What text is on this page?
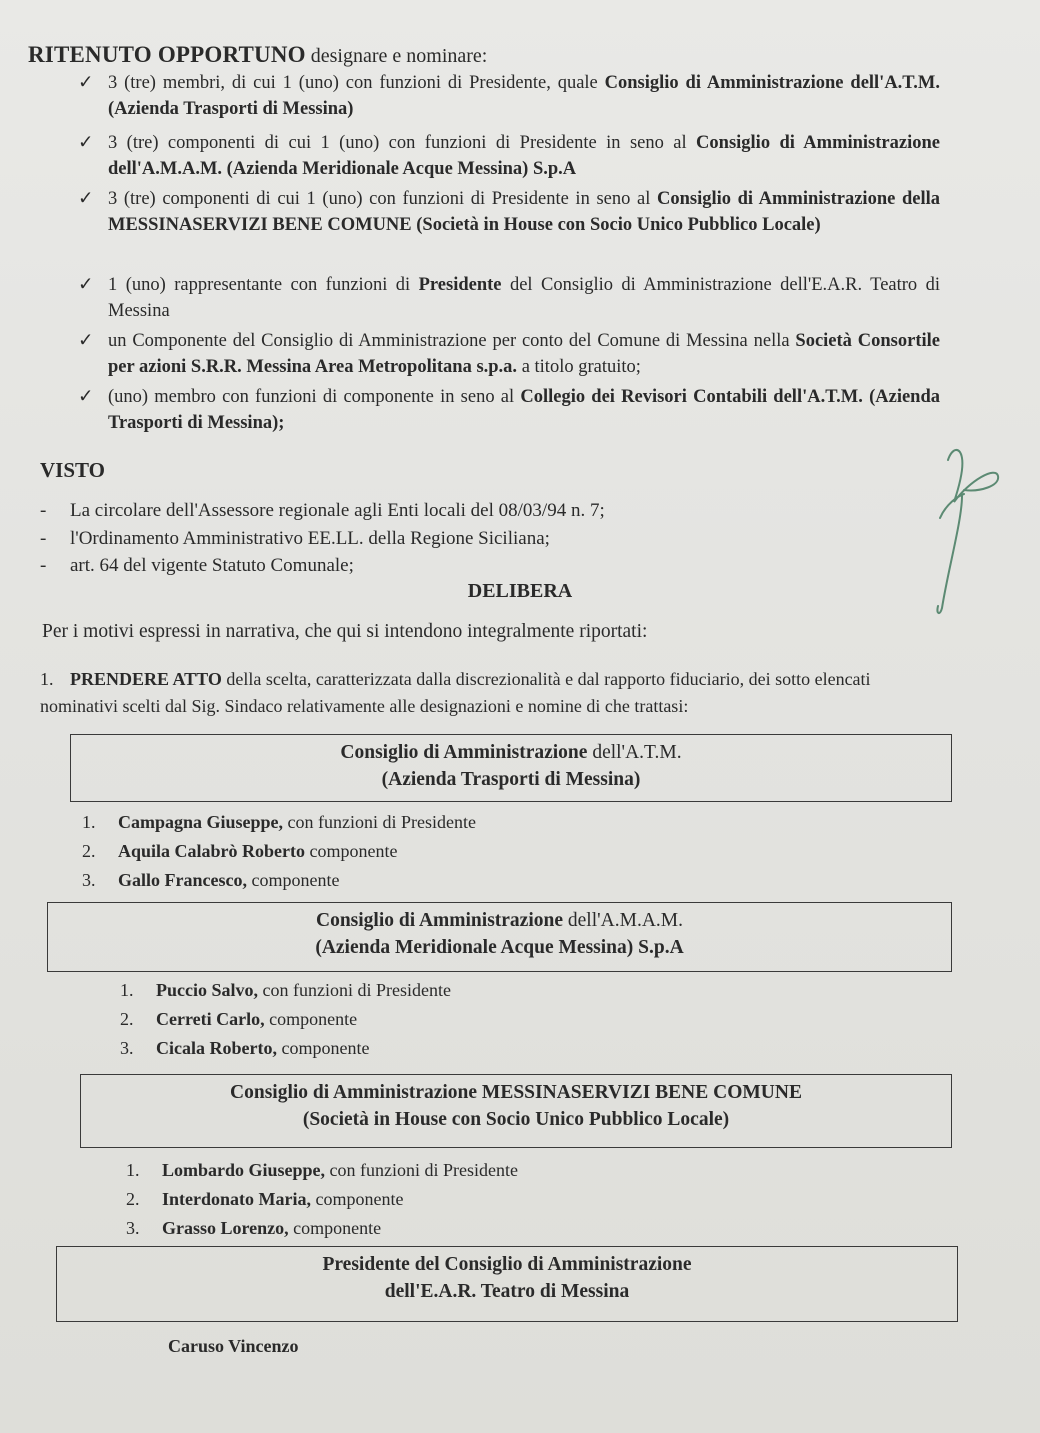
RITENUTO OPPORTUNO designare e nominare:
✓ 3 (tre) membri, di cui 1 (uno) con funzioni di Presidente, quale Consiglio di Amministrazione dell'A.T.M. (Azienda Trasporti di Messina)
✓ 3 (tre) componenti di cui 1 (uno) con funzioni di Presidente in seno al Consiglio di Amministrazione dell'A.M.A.M. (Azienda Meridionale Acque Messina) S.p.A
✓ 3 (tre) componenti di cui 1 (uno) con funzioni di Presidente in seno al Consiglio di Amministrazione della MESSINASERVIZI BENE COMUNE (Società in House con Socio Unico Pubblico Locale)
✓ 1 (uno) rappresentante con funzioni di Presidente del Consiglio di Amministrazione dell'E.A.R. Teatro di Messina
✓ un Componente del Consiglio di Amministrazione per conto del Comune di Messina nella Società Consortile per azioni S.R.R. Messina Area Metropolitana s.p.a. a titolo gratuito;
✓ (uno) membro con funzioni di componente in seno al Collegio dei Revisori Contabili dell'A.T.M. (Azienda Trasporti di Messina);
VISTO
- La circolare dell'Assessore regionale agli Enti locali del 08/03/94 n. 7;
- l'Ordinamento Amministrativo EE.LL. della Regione Siciliana;
- art. 64 del vigente Statuto Comunale;
DELIBERA
Per i motivi espressi in narrativa, che qui si intendono integralmente riportati:
1. PRENDERE ATTO della scelta, caratterizzata dalla discrezionalità e dal rapporto fiduciario, dei sotto elencati nominativi scelti dal Sig. Sindaco relativamente alle designazioni e nomine di che trattasi:
Consiglio di Amministrazione dell'A.T.M.
(Azienda Trasporti di Messina)
1. Campagna Giuseppe, con funzioni di Presidente
2. Aquila Calabrò Roberto componente
3. Gallo Francesco, componente
Consiglio di Amministrazione dell'A.M.A.M.
(Azienda Meridionale Acque Messina) S.p.A
1. Puccio Salvo, con funzioni di Presidente
2. Cerreti Carlo, componente
3. Cicala Roberto, componente
Consiglio di Amministrazione MESSINASERVIZI BENE COMUNE
(Società in House con Socio Unico Pubblico Locale)
1. Lombardo Giuseppe, con funzioni di Presidente
2. Interdonato Maria, componente
3. Grasso Lorenzo, componente
Presidente del Consiglio di Amministrazione
dell'E.A.R. Teatro di Messina
Caruso Vincenzo
